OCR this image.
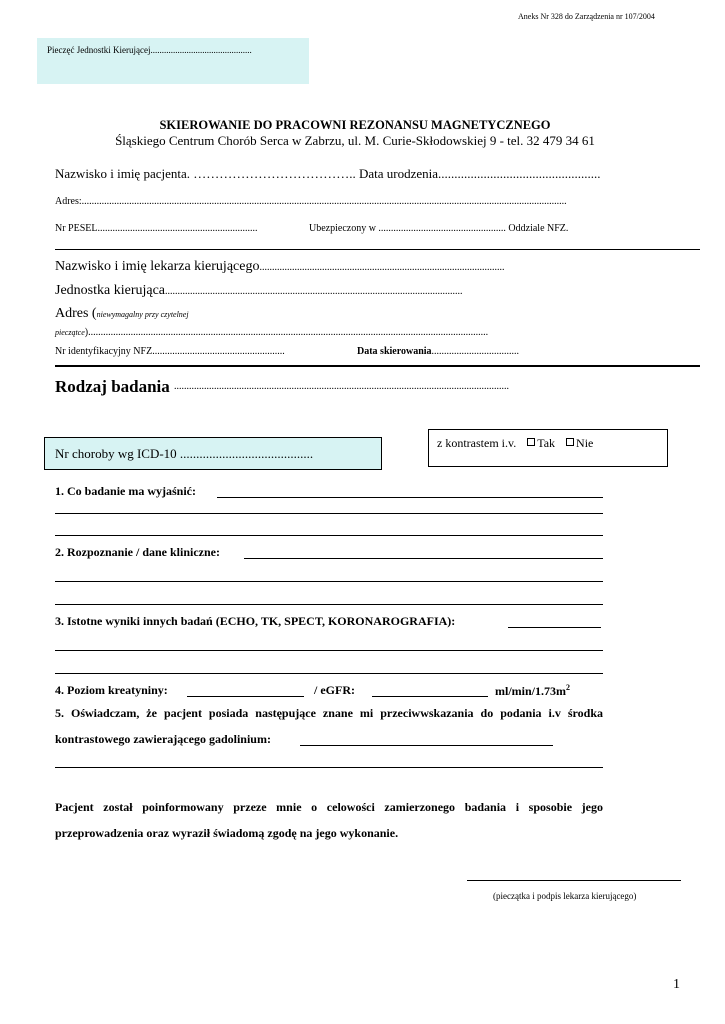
Aneks Nr 328 do Zarządzenia nr 107/2004
Pieczęć Jednostki Kierującej.............................................
SKIEROWANIE DO PRACOWNI REZONANSU MAGNETYCZNEGO
Śląskiego Centrum Chorób Serca w Zabrzu, ul. M. Curie-Skłodowskiej 9 - tel. 32 479 34 61
Nazwisko i imię pacjenta. ……………………………….. Data urodzenia..................................................
Adres:..................................................................................................................................................................................................
Nr PESEL................................................................	Ubezpieczony w ................................................... Oddziale NFZ.
Nazwisko i imię lekarza kierującego..................................................................................................
Jednostka kierująca.......................................................................................................................
Adres (niewymagalny przy czytelnej
pieczątce)................................................................................................................................................................
Nr identyfikacyjny NFZ.....................................................	Data skierowania...................................
Rodzaj badania ......................................................................................................................................
Nr choroby wg ICD-10 .........................................
z kontrastem i.v. Tak Nie
1. Co badanie ma wyjaśnić:
2. Rozpoznanie / dane kliniczne:
3. Istotne wyniki innych badań (ECHO, TK, SPECT, KORONAROGRAFIA):
4. Poziom kreatyniny:	/ eGFR:	$ml/\min/1.73m^2$
5. Oświadczam, że pacjent posiada następujące znane mi przeciwwskazania do podania i.v środka
kontrastowego zawierającego gadolinium:
Pacjent został poinformowany przeze mnie o celowości zamierzonego badania i sposobie jego przeprowadzenia oraz wyraził świadomą zgodę na jego wykonanie.
(pieczątka i podpis lekarza kierującego)
1
